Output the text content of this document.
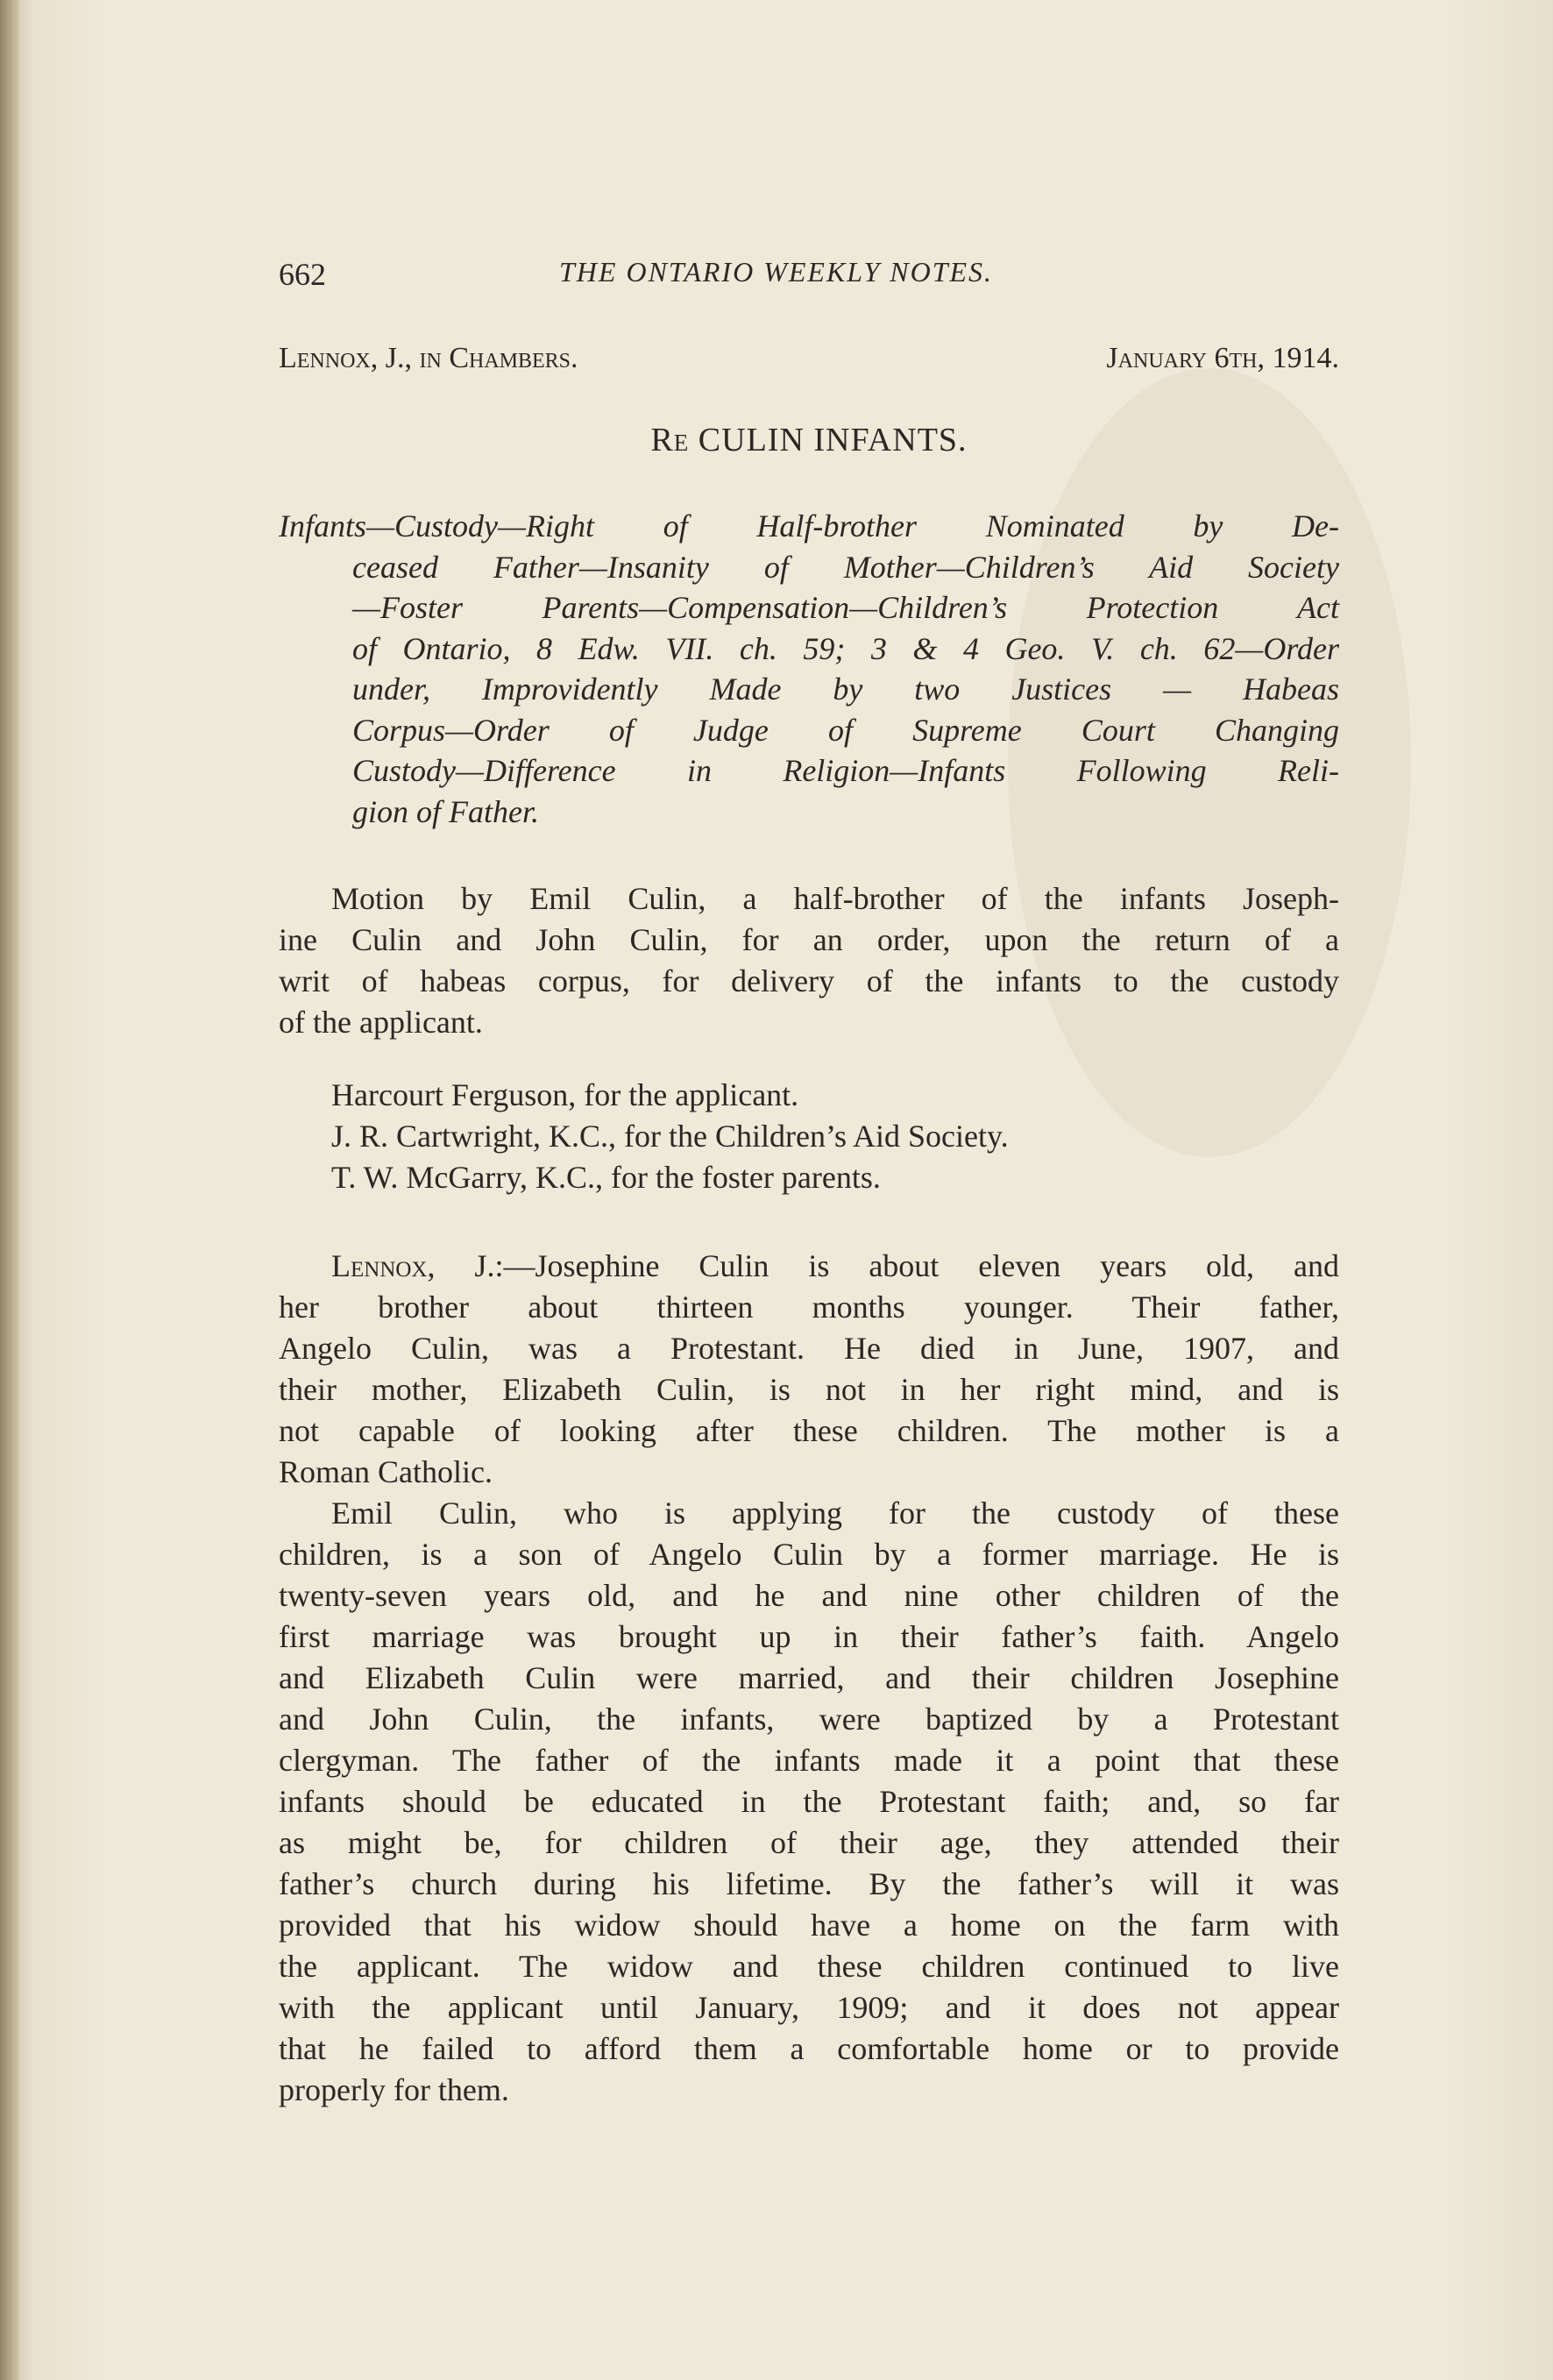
662	THE ONTARIO WEEKLY NOTES.
Lennox, J., in Chambers.	January 6th, 1914.
Re CULIN INFANTS.
Infants—Custody—Right of Half-brother Nominated by De-
ceased Father—Insanity of Mother—Children’s Aid Society
—Foster Parents—Compensation—Children’s Protection Act
of Ontario, 8 Edw. VII. ch. 59; 3 & 4 Geo. V. ch. 62—Order
under, Improvidently Made by two Justices — Habeas
Corpus—Order of Judge of Supreme Court Changing
Custody—Difference in Religion—Infants Following Reli-
gion of Father.
Motion by Emil Culin, a half-brother of the infants Joseph-
ine Culin and John Culin, for an order, upon the return of a
writ of habeas corpus, for delivery of the infants to the custody
of the applicant.
Harcourt Ferguson, for the applicant.
J. R. Cartwright, K.C., for the Children’s Aid Society.
T. W. McGarry, K.C., for the foster parents.
Lennox, J.:—Josephine Culin is about eleven years old, and
her brother about thirteen months younger. Their father,
Angelo Culin, was a Protestant. He died in June, 1907, and
their mother, Elizabeth Culin, is not in her right mind, and is
not capable of looking after these children. The mother is a
Roman Catholic.
Emil Culin, who is applying for the custody of these
children, is a son of Angelo Culin by a former marriage. He is
twenty-seven years old, and he and nine other children of the
first marriage was brought up in their father’s faith. Angelo
and Elizabeth Culin were married, and their children Josephine
and John Culin, the infants, were baptized by a Protestant
clergyman. The father of the infants made it a point that these
infants should be educated in the Protestant faith; and, so far
as might be, for children of their age, they attended their
father’s church during his lifetime. By the father’s will it was
provided that his widow should have a home on the farm with
the applicant. The widow and these children continued to live
with the applicant until January, 1909; and it does not appear
that he failed to afford them a comfortable home or to provide
properly for them.
